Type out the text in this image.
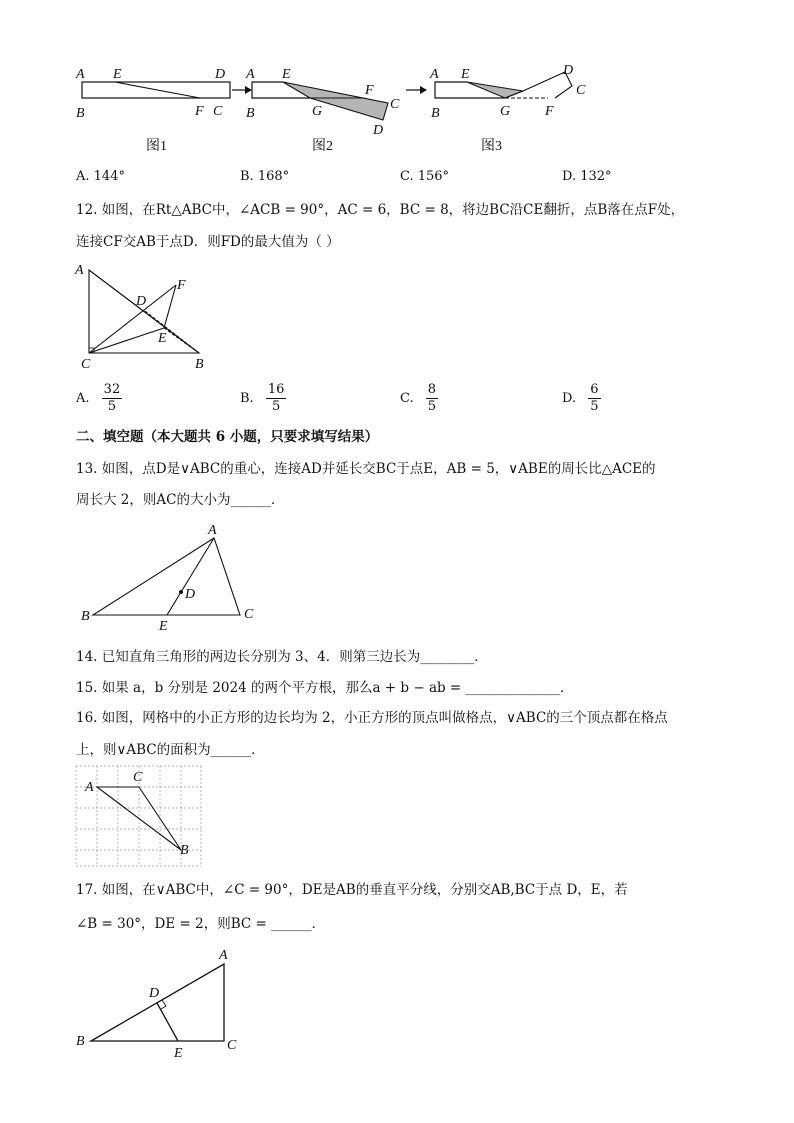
A E	D
B	F C
A E
F
C
B	G
D
A E	D
C
B	G F
图1	图2	图3
A. 144°	B. 168°	C. 156°	D. 132°
12. 如图，在Rt△ABC中，∠ACB = 90°，AC = 6，BC = 8，将边BC沿CE翻折，点B落在点F处，
连接CF交AB于点D．则FD的最大值为（ ）
A
F
D
E
C	B
A. $\frac{32}{5}$	B. $\frac{16}{5}$	C. $\frac{8}{5}$	D. $\frac{6}{5}$
二、填空题（本大题共 6 小题，只要求填写结果）
13. 如图，点D是∨ABC的重心，连接AD并延长交BC于点E，AB = 5，∨ABE的周长比△ACE的
周长大 2，则AC的大小为______．
A
D
B	C
E
14. 已知直角三角形的两边长分别为 3、4．则第三边长为________．
15. 如果 a，b 分别是 2024 的两个平方根，那么a + b − ab = ______________．
16. 如图，网格中的小正方形的边长均为 2，小正方形的顶点叫做格点，∨ABC的三个顶点都在格点
上，则∨ABC的面积为______．
A
C
B
17. 如图，在∨ABC中，∠C = 90°，DE是AB的垂直平分线，分别交AB,BC于点 D，E，若
∠B = 30°，DE = 2，则BC = ______．
A
D
B	C
E
